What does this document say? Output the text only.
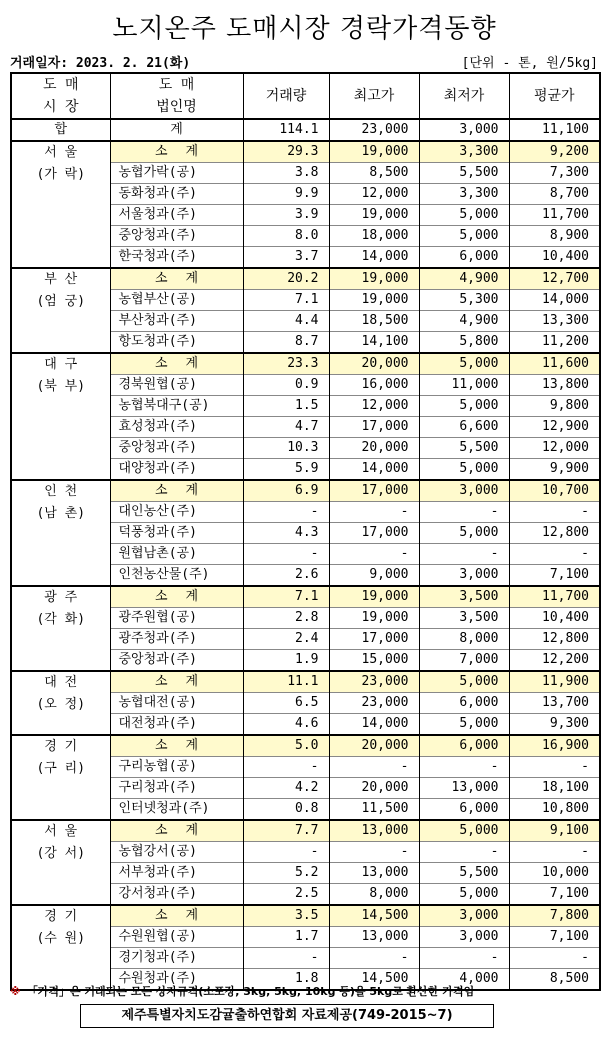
노지온주 도매시장 경락가격동향
거래일자: 2023. 2. 21(화)	[단위 - 톤, 원/5kg]
도 매
시 장	도 매
법인명	거래량	최고가	최저가	평균가
합	계	114.1	23,000	3,000	11,100

서 울
(가 락)	소계	29.3	19,000	3,300	9,200
	농협가락(공)	3.8	8,500	5,500	7,300
	동화청과(주)	9.9	12,000	3,300	8,700
	서울청과(주)	3.9	19,000	5,000	11,700
	중앙청과(주)	8.0	18,000	5,000	8,900
	한국청과(주)	3.7	14,000	6,000	10,400

부 산
(엄 궁)	소계	20.2	19,000	4,900	12,700
	농협부산(공)	7.1	19,000	5,300	14,000
	부산청과(주)	4.4	18,500	4,900	13,300
	항도청과(주)	8.7	14,100	5,800	11,200

대 구
(북 부)	소계	23.3	20,000	5,000	11,600
	경북원협(공)	0.9	16,000	11,000	13,800
	농협북대구(공)	1.5	12,000	5,000	9,800
	효성청과(주)	4.7	17,000	6,600	12,900
	중앙청과(주)	10.3	20,000	5,500	12,000
	대양청과(주)	5.9	14,000	5,000	9,900

인 천
(남 촌)	소계	6.9	17,000	3,000	10,700
	대인농산(주)	-	-	-	-
	덕풍청과(주)	4.3	17,000	5,000	12,800
	원협남촌(공)	-	-	-	-
	인천농산물(주)	2.6	9,000	3,000	7,100

광 주
(각 화)	소계	7.1	19,000	3,500	11,700
	광주원협(공)	2.8	19,000	3,500	10,400
	광주청과(주)	2.4	17,000	8,000	12,800
	중앙청과(주)	1.9	15,000	7,000	12,200

대 전
(오 정)	소계	11.1	23,000	5,000	11,900
	농협대전(공)	6.5	23,000	6,000	13,700
	대전청과(주)	4.6	14,000	5,000	9,300

경 기
(구 리)	소계	5.0	20,000	6,000	16,900
	구리농협(공)	-	-	-	-
	구리청과(주)	4.2	20,000	13,000	18,100
	인터넷청과(주)	0.8	11,500	6,000	10,800

서 울
(강 서)	소계	7.7	13,000	5,000	9,100
	농협강서(공)	-	-	-	-
	서부청과(주)	5.2	13,000	5,500	10,000
	강서청과(주)	2.5	8,000	5,000	7,100

경 기
(수 원)	소계	3.5	14,500	3,000	7,800
	수원원협(공)	1.7	13,000	3,000	7,100
	경기청과(주)	-	-	-	-
	수원청과(주)	1.8	14,500	4,000	8,500
※ 「가격」은 거래되는 모든 상자규격(소포장, 3kg, 5kg, 10kg 등)을 5kg로 환산한 가격임
제주특별자치도감귤출하연합회 자료제공(749-2015~7)
